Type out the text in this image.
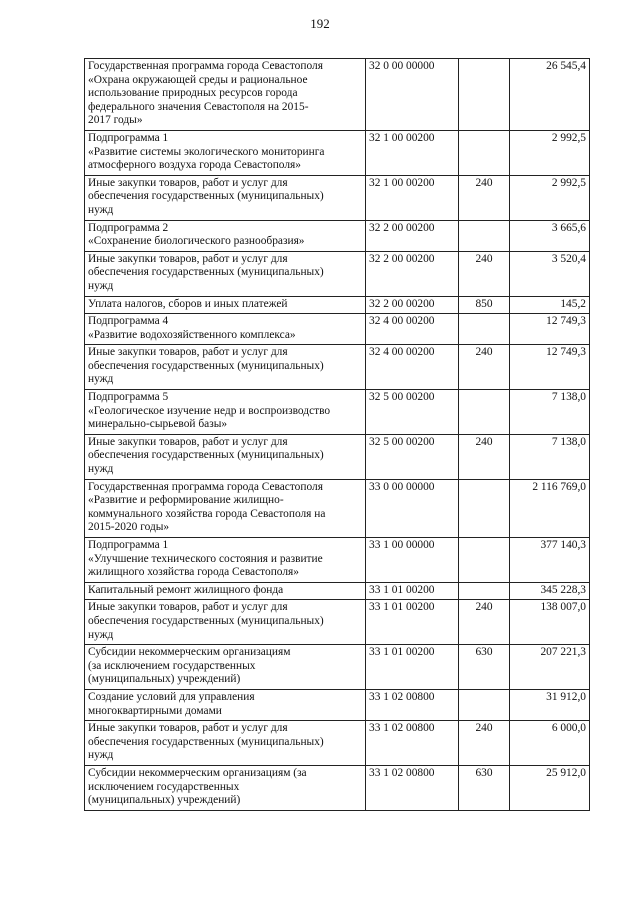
192
Государственная программа города Севастополя
«Охрана окружающей среды и рациональное
использование природных ресурсов города
федерального значения Севастополя на 2015-
2017 годы»	32 0 00 00000		26 545,4
Подпрограмма 1
«Развитие системы экологического мониторинга
атмосферного воздуха города Севастополя»	32 1 00 00200		2 992,5
Иные закупки товаров, работ и услуг для
обеспечения государственных (муниципальных)
нужд	32 1 00 00200	240	2 992,5
Подпрограмма 2
«Сохранение биологического разнообразия»	32 2 00 00200		3 665,6
Иные закупки товаров, работ и услуг для
обеспечения государственных (муниципальных)
нужд	32 2 00 00200	240	3 520,4
Уплата налогов, сборов и иных платежей	32 2 00 00200	850	145,2
Подпрограмма 4
«Развитие водохозяйственного комплекса»	32 4 00 00200		12 749,3
Иные закупки товаров, работ и услуг для
обеспечения государственных (муниципальных)
нужд	32 4 00 00200	240	12 749,3
Подпрограмма 5
«Геологическое изучение недр и воспроизводство
минерально-сырьевой базы»	32 5 00 00200		7 138,0
Иные закупки товаров, работ и услуг для
обеспечения государственных (муниципальных)
нужд	32 5 00 00200	240	7 138,0
Государственная программа города Севастополя
«Развитие и реформирование жилищно-
коммунального хозяйства города Севастополя на
2015-2020 годы»	33 0 00 00000		2 116 769,0
Подпрограмма 1
«Улучшение технического состояния и развитие
жилищного хозяйства города Севастополя»	33 1 00 00000		377 140,3
Капитальный ремонт жилищного фонда	33 1 01 00200		345 228,3
Иные закупки товаров, работ и услуг для
обеспечения государственных (муниципальных)
нужд	33 1 01 00200	240	138 007,0
Субсидии некоммерческим организациям
(за исключением государственных
(муниципальных) учреждений)	33 1 01 00200	630	207 221,3
Создание условий для управления
многоквартирными домами	33 1 02 00800		31 912,0
Иные закупки товаров, работ и услуг для
обеспечения государственных (муниципальных)
нужд	33 1 02 00800	240	6 000,0
Субсидии некоммерческим организациям (за
исключением государственных
(муниципальных) учреждений)	33 1 02 00800	630	25 912,0
